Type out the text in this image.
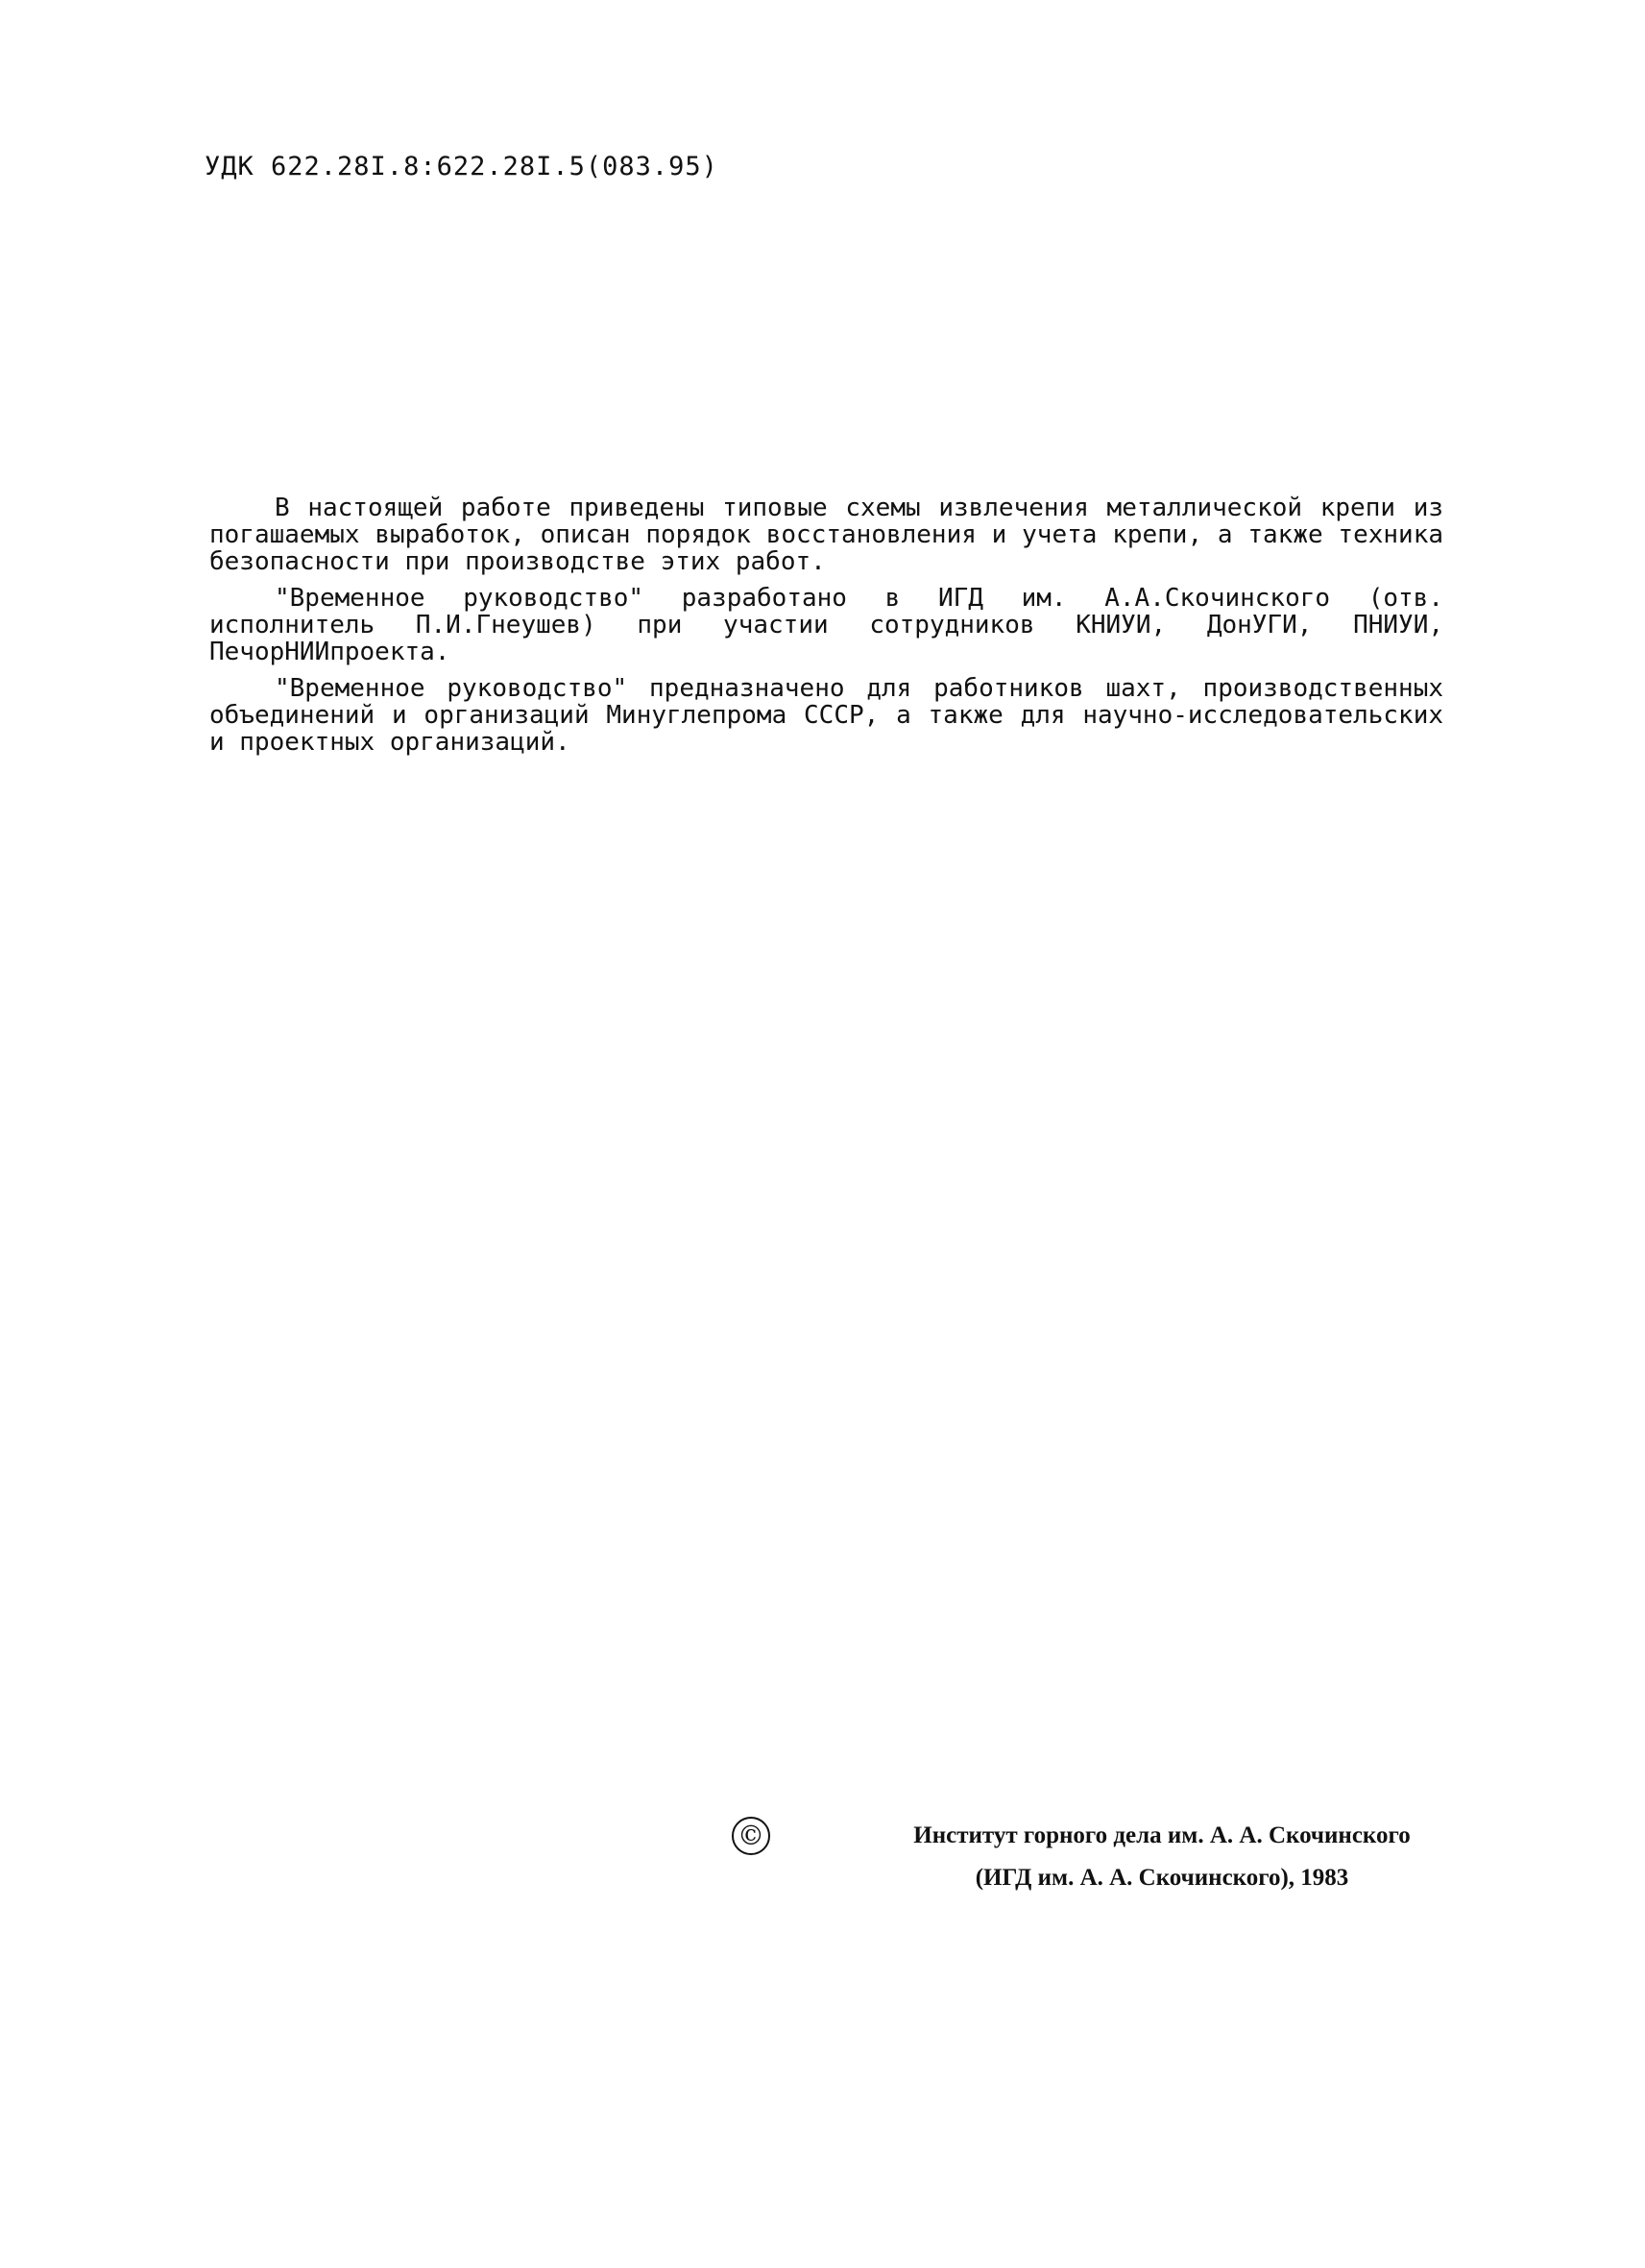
УДК 622.28I.8:622.28I.5(083.95)

В настоящей работе приведены типовые схемы извлечения металлической крепи из погашаемых выработок, описан порядок восстановления и учета крепи, а также техника безопасности при производстве этих работ.

"Временное руководство" разработано в ИГД им. А.А.Скочинского (отв. исполнитель П.И.Гнеушев) при участии сотрудников КНИУИ, ДонУГИ, ПНИУИ, ПечорНИИпроекта.

"Временное руководство" предназначено для работников шахт, производственных объединений и организаций Минуглепрома СССР, а также для научно-исследовательских и проектных организаций.

©	Институт горного дела им. А. А. Скочинского
(ИГД им. А. А. Скочинского), 1983
